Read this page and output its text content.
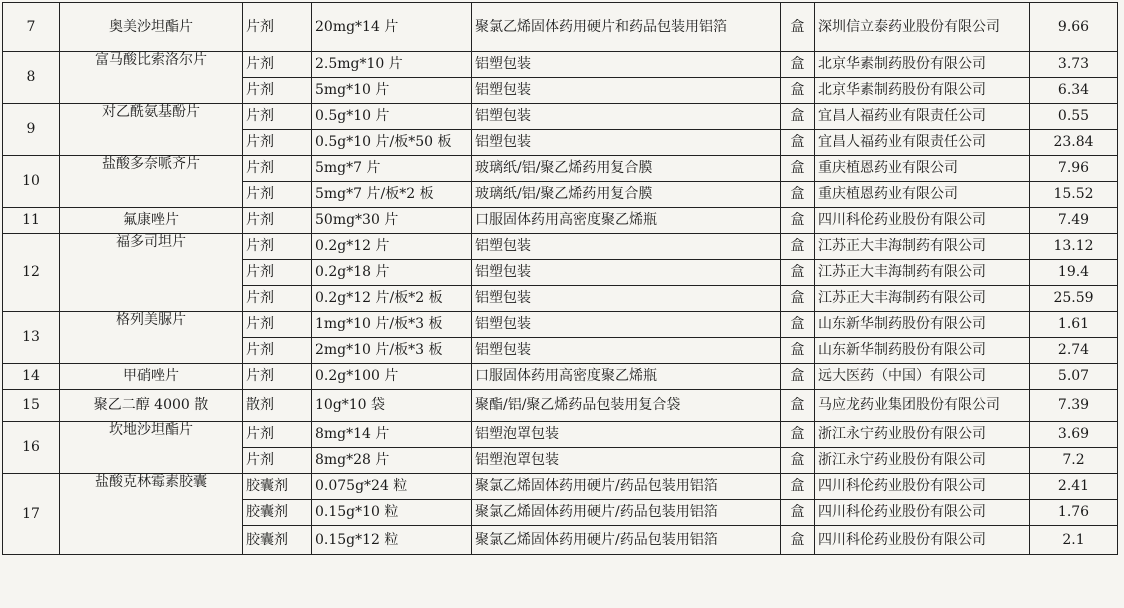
7	奥美沙坦酯片	片剂	20mg*14 片	聚氯乙烯固体药用硬片和药品包装用铝箔	盒	深圳信立泰药业股份有限公司	9.66
8	富马酸比索洛尔片	片剂	2.5mg*10 片	铝塑包装	盒	北京华素制药股份有限公司	3.73
		片剂	5mg*10 片	铝塑包装	盒	北京华素制药股份有限公司	6.34
9	对乙酰氨基酚片	片剂	0.5g*10 片	铝塑包装	盒	宜昌人福药业有限责任公司	0.55
		片剂	0.5g*10 片/板*50 板	铝塑包装	盒	宜昌人福药业有限责任公司	23.84
10	盐酸多奈哌齐片	片剂	5mg*7 片	玻璃纸/铝/聚乙烯药用复合膜	盒	重庆植恩药业有限公司	7.96
		片剂	5mg*7 片/板*2 板	玻璃纸/铝/聚乙烯药用复合膜	盒	重庆植恩药业有限公司	15.52
11	氟康唑片	片剂	50mg*30 片	口服固体药用高密度聚乙烯瓶	盒	四川科伦药业股份有限公司	7.49
12	福多司坦片	片剂	0.2g*12 片	铝塑包装	盒	江苏正大丰海制药有限公司	13.12
		片剂	0.2g*18 片	铝塑包装	盒	江苏正大丰海制药有限公司	19.4
		片剂	0.2g*12 片/板*2 板	铝塑包装	盒	江苏正大丰海制药有限公司	25.59
13	格列美脲片	片剂	1mg*10 片/板*3 板	铝塑包装	盒	山东新华制药股份有限公司	1.61
		片剂	2mg*10 片/板*3 板	铝塑包装	盒	山东新华制药股份有限公司	2.74
14	甲硝唑片	片剂	0.2g*100 片	口服固体药用高密度聚乙烯瓶	盒	远大医药（中国）有限公司	5.07
15	聚乙二醇 4000 散	散剂	10g*10 袋	聚酯/铝/聚乙烯药品包装用复合袋	盒	马应龙药业集团股份有限公司	7.39
16	坎地沙坦酯片	片剂	8mg*14 片	铝塑泡罩包装	盒	浙江永宁药业股份有限公司	3.69
		片剂	8mg*28 片	铝塑泡罩包装	盒	浙江永宁药业股份有限公司	7.2
17	盐酸克林霉素胶囊	胶囊剂	0.075g*24 粒	聚氯乙烯固体药用硬片/药品包装用铝箔	盒	四川科伦药业股份有限公司	2.41
		胶囊剂	0.15g*10 粒	聚氯乙烯固体药用硬片/药品包装用铝箔	盒	四川科伦药业股份有限公司	1.76
		胶囊剂	0.15g*12 粒	聚氯乙烯固体药用硬片/药品包装用铝箔	盒	四川科伦药业股份有限公司	2.1
